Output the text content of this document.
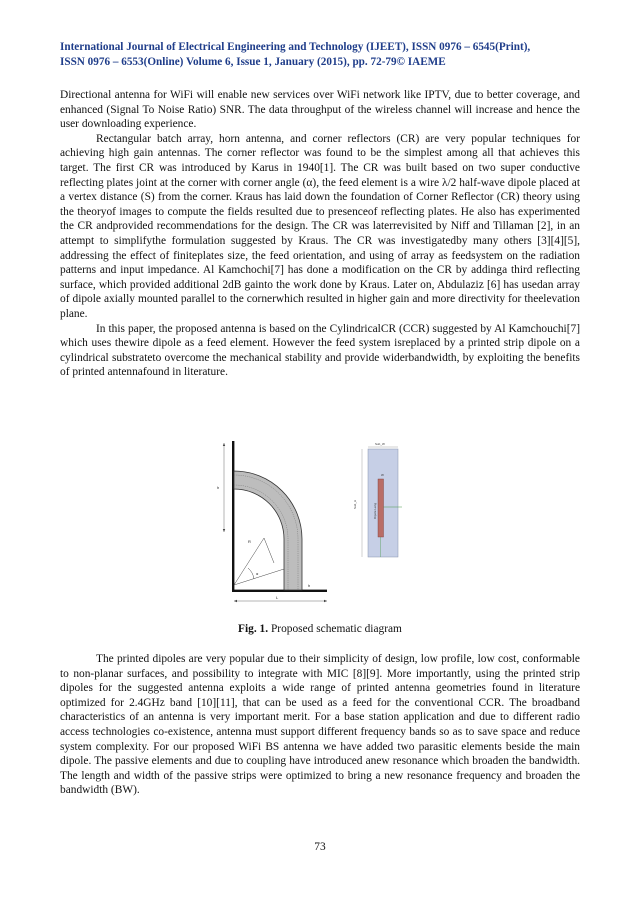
International Journal of Electrical Engineering and Technology (IJEET), ISSN 0976 – 6545(Print),
ISSN 0976 – 6553(Online) Volume 6, Issue 1, January (2015), pp. 72-79© IAEME

Directional antenna for WiFi will enable new services over WiFi network like IPTV, due to better coverage, and enhanced (Signal To Noise Ratio) SNR. The data throughput of the wireless channel will increase and hence the user downloading experience.

Rectangular batch array, horn antenna, and corner reflectors (CR) are very popular techniques for achieving high gain antennas. The corner reflector was found to be the simplest among all that achieves this target. The first CR was introduced by Karus in 1940[1]. The CR was built based on two super conductive reflecting plates joint at the corner with corner angle (α), the feed element is a wire λ/2 half-wave dipole placed at a vertex distance (S) from the corner. Kraus has laid down the foundation of Corner Reflector (CR) theory using the theoryof images to compute the fields resulted due to presenceof reflecting plates. He also has experimented the CR andprovided recommendations for the design. The CR was laterrevisited by Niff and Tillaman [2], in an attempt to simplifythe formulation suggested by Kraus. The CR was investigatedby many others [3][4][5], addressing the effect of finiteplates size, the feed orientation, and using of array as feedsystem on the radiation patterns and input impedance. Al Kamchochi[7] has done a modification on the CR by addinga third reflecting surface, which provided additional 2dB gainto the work done by Kraus. Later on, Abdulaziz [6] has usedan array of dipole axially mounted parallel to the cornerwhich resulted in higher gain and more directivity for theelevation plane.

In this paper, the proposed antenna is based on the CylindricalCR (CCR) suggested by Al Kamchouchi[7] which uses thewire dipole as a feed element. However the feed system isreplaced by a printed strip dipole on a cylindrical substrateto overcome the mechanical stability and provide widerbandwidth, by exploiting the benefits of printed antennafound in literature.

h
R
α
h
L
Sub_W
Sub_H
W
Dipole Leng
Fig. 1. Proposed schematic diagram

The printed dipoles are very popular due to their simplicity of design, low profile, low cost, conformable to non-planar surfaces, and possibility to integrate with MIC [8][9]. More importantly, using the printed strip dipoles for the suggested antenna exploits a wide range of printed antenna geometries found in literature optimized for 2.4GHz band [10][11], that can be used as a feed for the conventional CCR. The broadband characteristics of an antenna is very important merit. For a base station application and due to different radio access technologies co-existence, antenna must support different frequency bands so as to save space and reduce system complexity. For our proposed WiFi BS antenna we have added two parasitic elements beside the main dipole. The passive elements and due to coupling have introduced anew resonance which broaden the bandwidth. The length and width of the passive strips were optimized to bring a new resonance frequency and broaden the bandwidth (BW).

73
